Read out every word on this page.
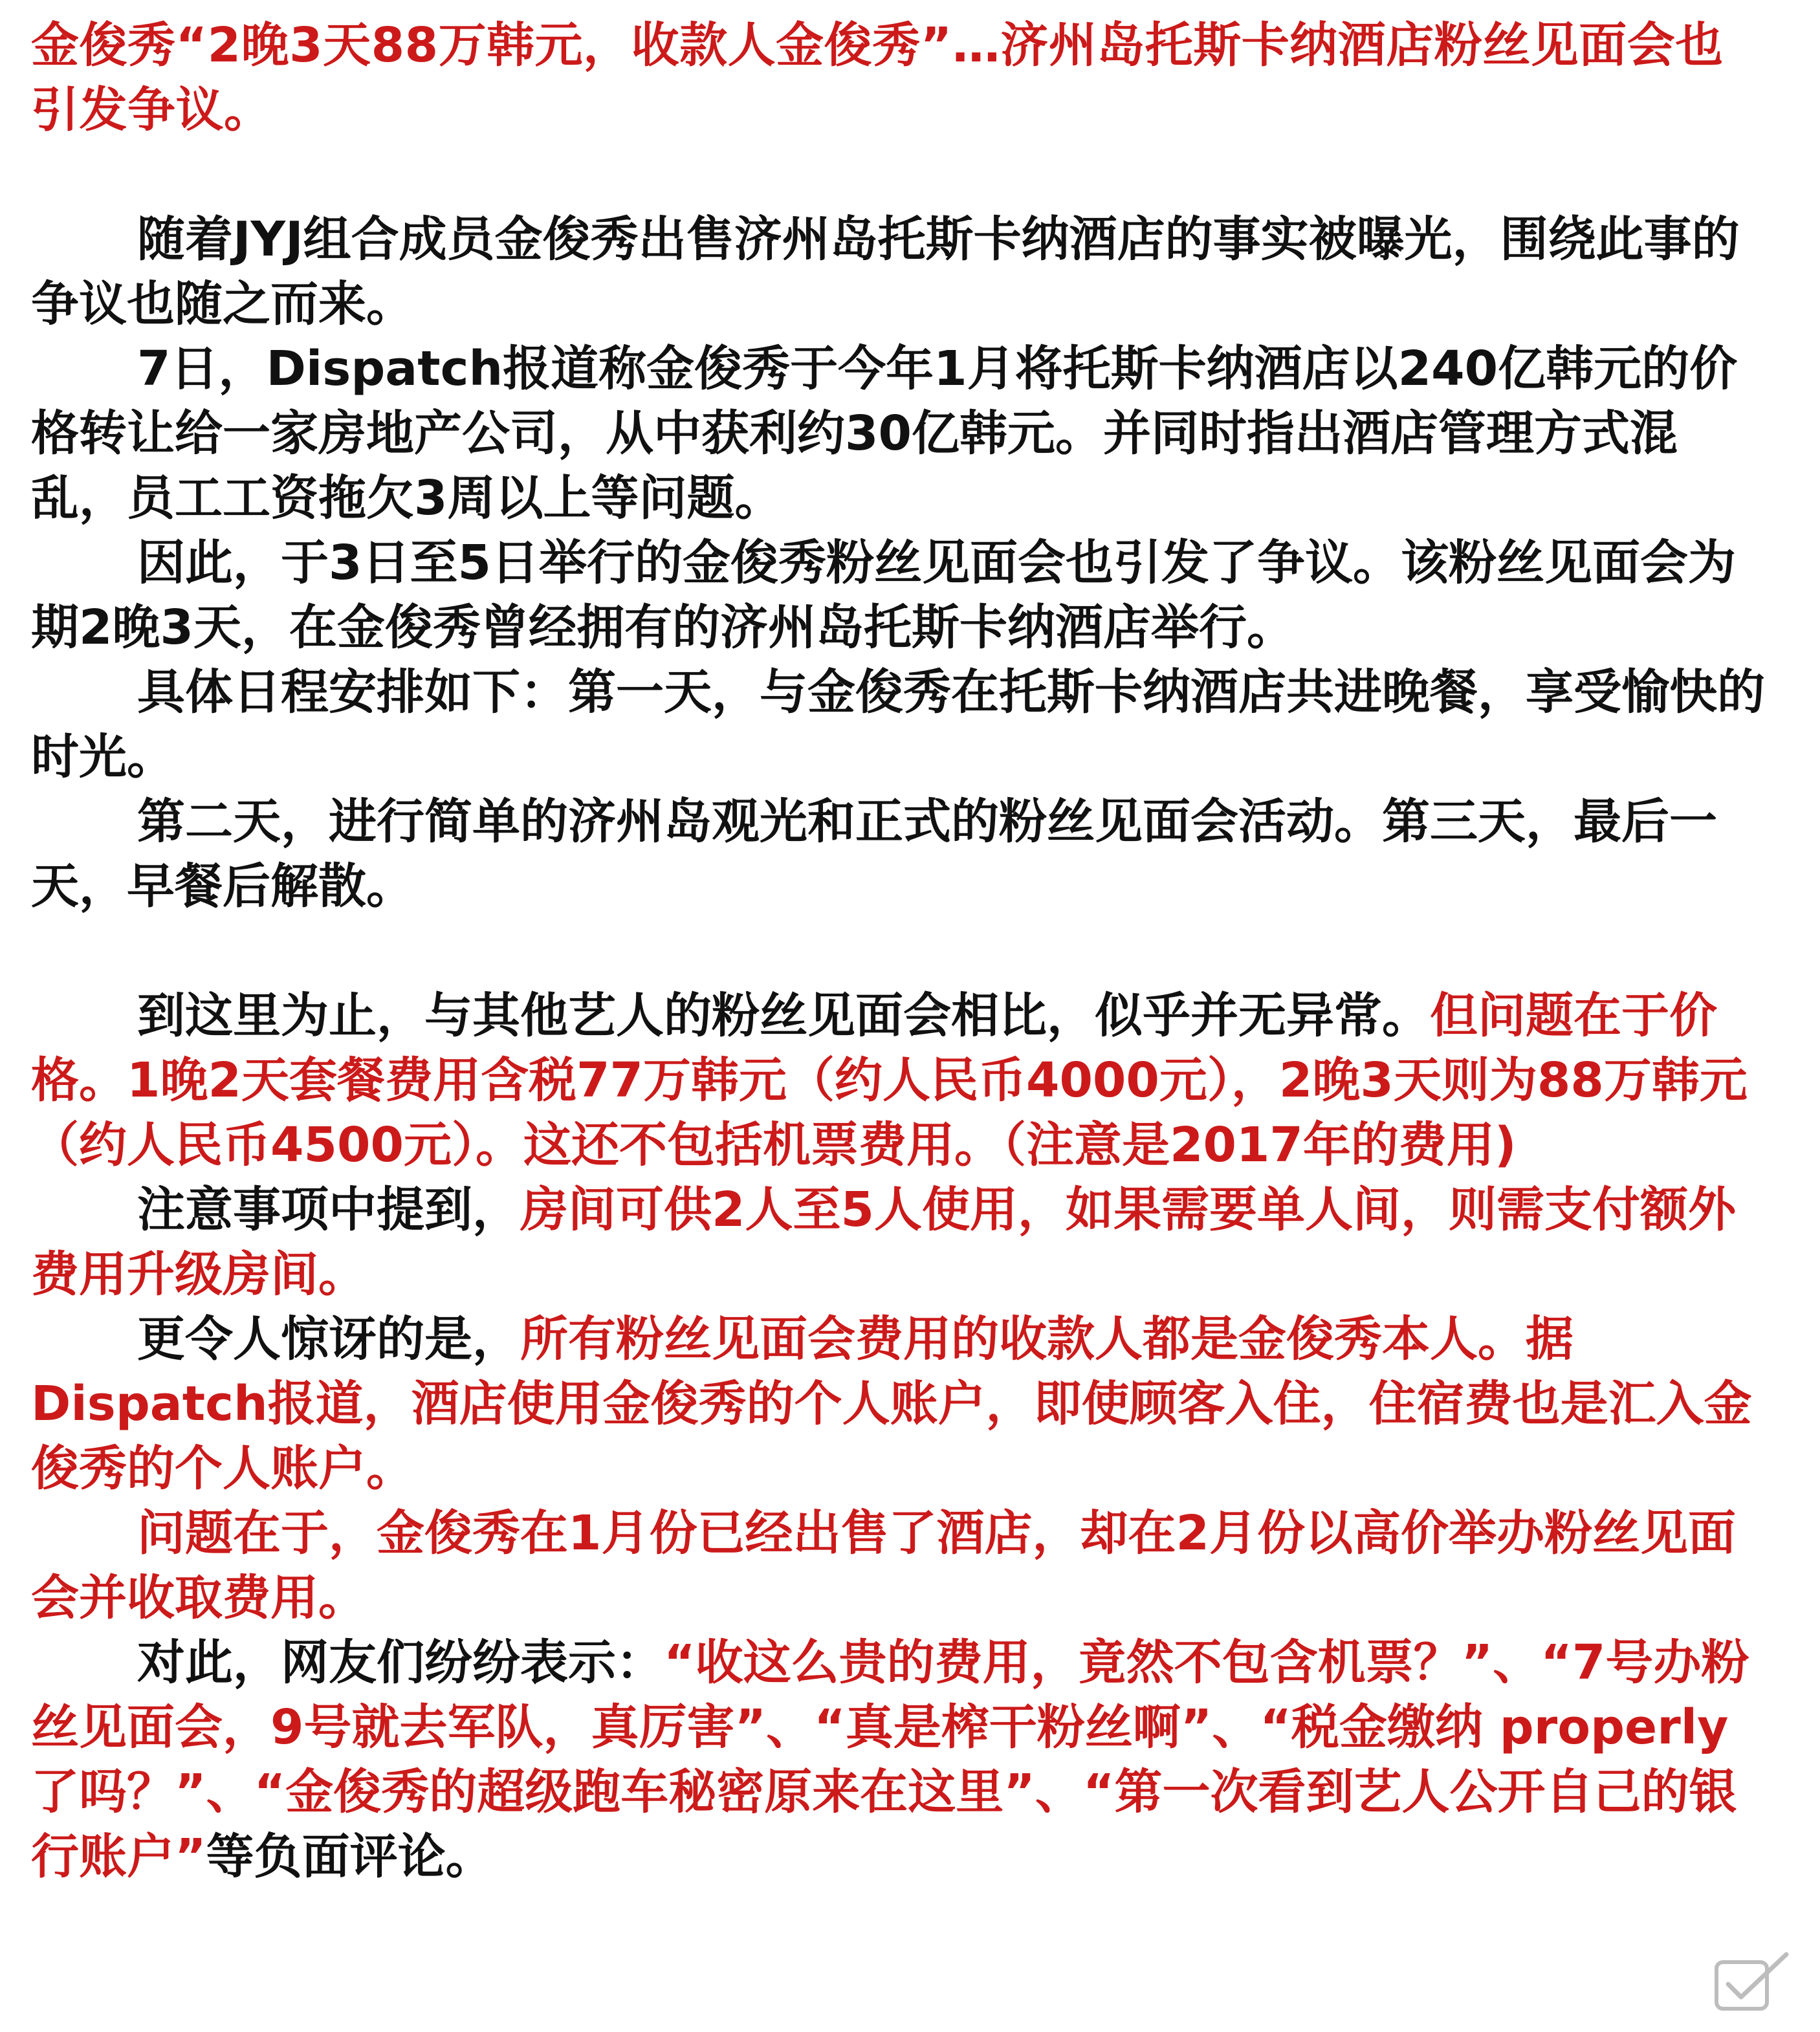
金俊秀“2晚3天88万韩元，收款人金俊秀”…济州岛托斯卡纳酒店粉丝见面会也引发争议。

随着JYJ组合成员金俊秀出售济州岛托斯卡纳酒店的事实被曝光，围绕此事的争议也随之而来。

7日，Dispatch报道称金俊秀于今年1月将托斯卡纳酒店以240亿韩元的价格转让给一家房地产公司，从中获利约30亿韩元。并同时指出酒店管理方式混乱，员工工资拖欠3周以上等问题。

因此，于3日至5日举行的金俊秀粉丝见面会也引发了争议。该粉丝见面会为期2晚3天，在金俊秀曾经拥有的济州岛托斯卡纳酒店举行。

具体日程安排如下：第一天，与金俊秀在托斯卡纳酒店共进晚餐，享受愉快的时光。

第二天，进行简单的济州岛观光和正式的粉丝见面会活动。第三天，最后一天，早餐后解散。

到这里为止，与其他艺人的粉丝见面会相比，似乎并无异常。但问题在于价格。1晚2天套餐费用含税77万韩元（约人民币4000元），2晚3天则为88万韩元（约人民币4500元）。这还不包括机票费用。（注意是2017年的费用)

注意事项中提到，房间可供2人至5人使用，如果需要单人间，则需支付额外费用升级房间。

更令人惊讶的是，所有粉丝见面会费用的收款人都是金俊秀本人。据Dispatch报道，酒店使用金俊秀的个人账户，即使顾客入住，住宿费也是汇入金俊秀的个人账户。

问题在于，金俊秀在1月份已经出售了酒店，却在2月份以高价举办粉丝见面会并收取费用。

对此，网友们纷纷表示：“收这么贵的费用，竟然不包含机票？”、“7号办粉丝见面会，9号就去军队，真厉害”、“真是榨干粉丝啊”、“税金缴纳 properly 了吗？”、“金俊秀的超级跑车秘密原来在这里”、“第一次看到艺人公开自己的银行账户”等负面评论。
